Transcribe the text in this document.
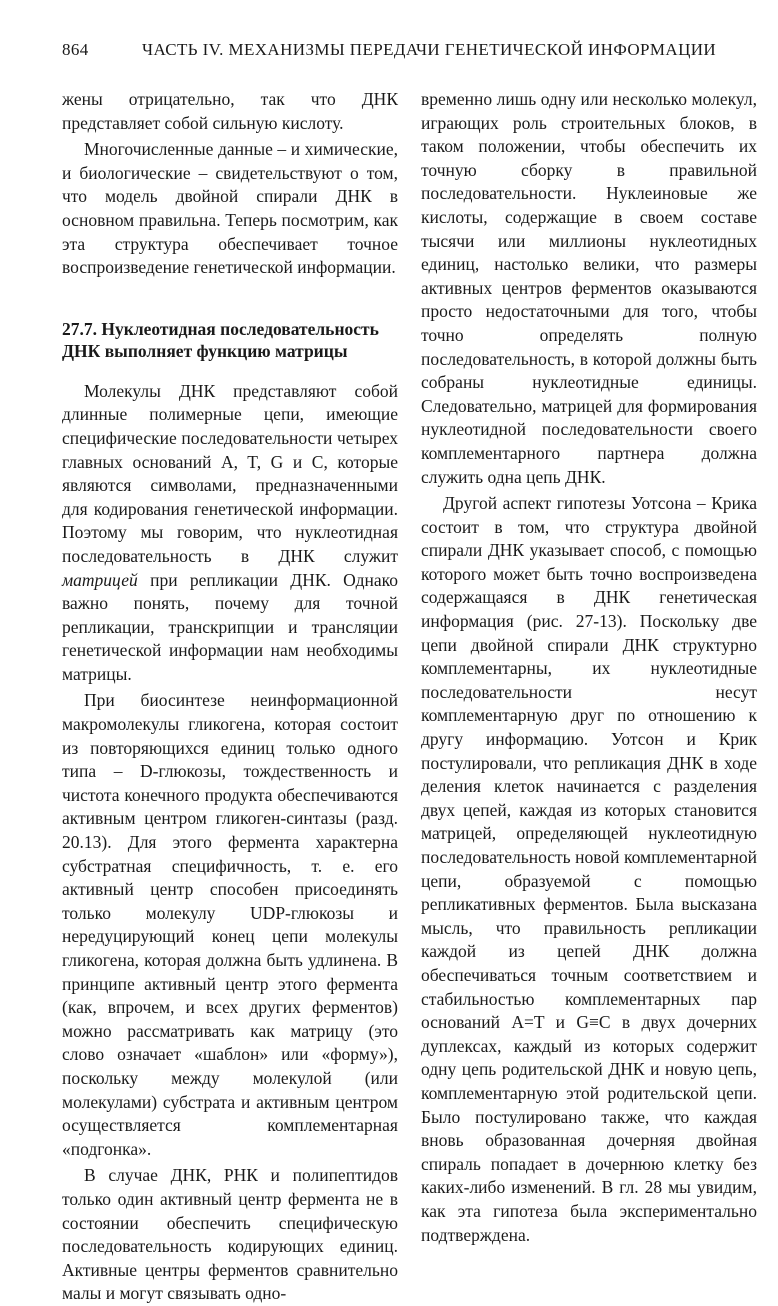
864	ЧАСТЬ IV. МЕХАНИЗМЫ ПЕРЕДАЧИ ГЕНЕТИЧЕСКОЙ ИНФОРМАЦИИ

жены отрицательно, так что ДНК представляет собой сильную кислоту.

Многочисленные данные – и химические, и биологические – свидетельствуют о том, что модель двойной спирали ДНК в основном правильна. Теперь посмотрим, как эта структура обеспечивает точное воспроизведение генетической информации.

27.7. Нуклеотидная последовательность ДНК выполняет функцию матрицы

Молекулы ДНК представляют собой длинные полимерные цепи, имеющие специфические последовательности четырех главных оснований A, T, G и C, которые являются символами, предназначенными для кодирования генетической информации. Поэтому мы говорим, что нуклеотидная последовательность в ДНК служит матрицей при репликации ДНК. Однако важно понять, почему для точной репликации, транскрипции и трансляции генетической информации нам необходимы матрицы.

При биосинтезе неинформационной макромолекулы гликогена, которая состоит из повторяющихся единиц только одного типа – D-глюкозы, тождественность и чистота конечного продукта обеспечиваются активным центром гликоген-синтазы (разд. 20.13). Для этого фермента характерна субстратная специфичность, т. е. его активный центр способен присоединять только молекулу UDP-глюкозы и нередуцирующий конец цепи молекулы гликогена, которая должна быть удлинена. В принципе активный центр этого фермента (как, впрочем, и всех других ферментов) можно рассматривать как матрицу (это слово означает «шаблон» или «форму»), поскольку между молекулой (или молекулами) субстрата и активным центром осуществляется комплементарная «подгонка».

В случае ДНК, РНК и полипептидов только один активный центр фермента не в состоянии обеспечить специфическую последовательность кодирующих единиц. Активные центры ферментов сравнительно малы и могут связывать одно-

временно лишь одну или несколько молекул, играющих роль строительных блоков, в таком положении, чтобы обеспечить их точную сборку в правильной последовательности. Нуклеиновые же кислоты, содержащие в своем составе тысячи или миллионы нуклеотидных единиц, настолько велики, что размеры активных центров ферментов оказываются просто недостаточными для того, чтобы точно определять полную последовательность, в которой должны быть собраны нуклеотидные единицы. Следовательно, матрицей для формирования нуклеотидной последовательности своего комплементарного партнера должна служить одна цепь ДНК.

Другой аспект гипотезы Уотсона – Крика состоит в том, что структура двойной спирали ДНК указывает способ, с помощью которого может быть точно воспроизведена содержащаяся в ДНК генетическая информация (рис. 27-13). Поскольку две цепи двойной спирали ДНК структурно комплементарны, их нуклеотидные последовательности несут комплементарную друг по отношению к другу информацию. Уотсон и Крик постулировали, что репликация ДНК в ходе деления клеток начинается с разделения двух цепей, каждая из которых становится матрицей, определяющей нуклеотидную последовательность новой комплементарной цепи, образуемой с помощью репликативных ферментов. Была высказана мысль, что правильность репликации каждой из цепей ДНК должна обеспечиваться точным соответствием и стабильностью комплементарных пар оснований A=T и G≡C в двух дочерних дуплексах, каждый из которых содержит одну цепь родительской ДНК и новую цепь, комплементарную этой родительской цепи. Было постулировано также, что каждая вновь образованная дочерняя двойная спираль попадает в дочернюю клетку без каких-либо изменений. В гл. 28 мы увидим, как эта гипотеза была экспериментально подтверждена.
